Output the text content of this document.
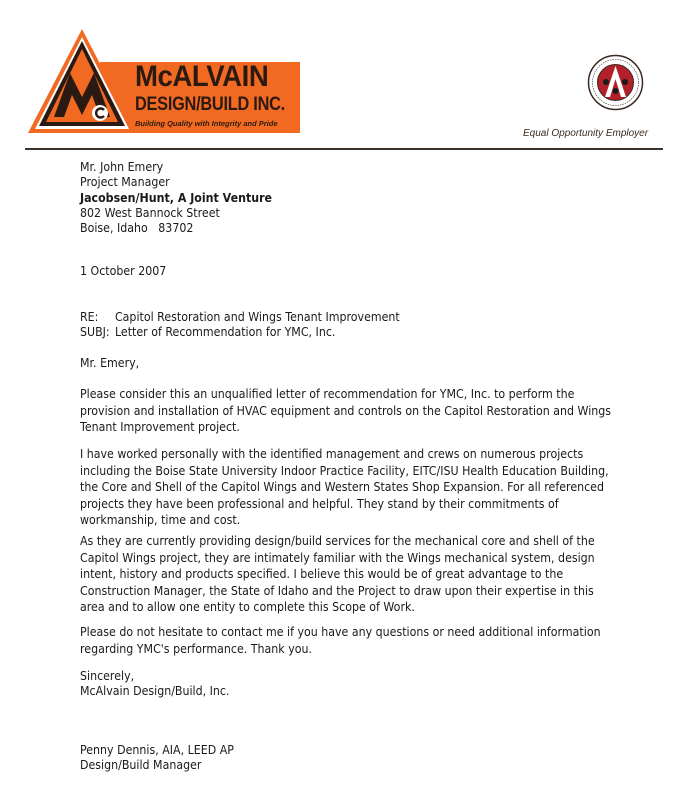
McALVAIN
DESIGN/BUILD INC.
Building Quality with Integrity and Pride
Equal Opportunity Employer
Mr. John Emery
Project Manager
Jacobsen/Hunt, A Joint Venture
802 West Bannock Street
Boise, Idaho   83702
1 October 2007
RE: Capitol Restoration and Wings Tenant Improvement
SUBJ: Letter of Recommendation for YMC, Inc.
Mr. Emery,
Please consider this an unqualified letter of recommendation for YMC, Inc. to perform the
provision and installation of HVAC equipment and controls on the Capitol Restoration and Wings
Tenant Improvement project.
I have worked personally with the identified management and crews on numerous projects
including the Boise State University Indoor Practice Facility, EITC/ISU Health Education Building,
the Core and Shell of the Capitol Wings and Western States Shop Expansion. For all referenced
projects they have been professional and helpful. They stand by their commitments of
workmanship, time and cost.
As they are currently providing design/build services for the mechanical core and shell of the
Capitol Wings project, they are intimately familiar with the Wings mechanical system, design
intent, history and products specified. I believe this would be of great advantage to the
Construction Manager, the State of Idaho and the Project to draw upon their expertise in this
area and to allow one entity to complete this Scope of Work.
Please do not hesitate to contact me if you have any questions or need additional information
regarding YMC's performance. Thank you.
Sincerely,
McAlvain Design/Build, Inc.
Penny Dennis, AIA, LEED AP
Design/Build Manager
